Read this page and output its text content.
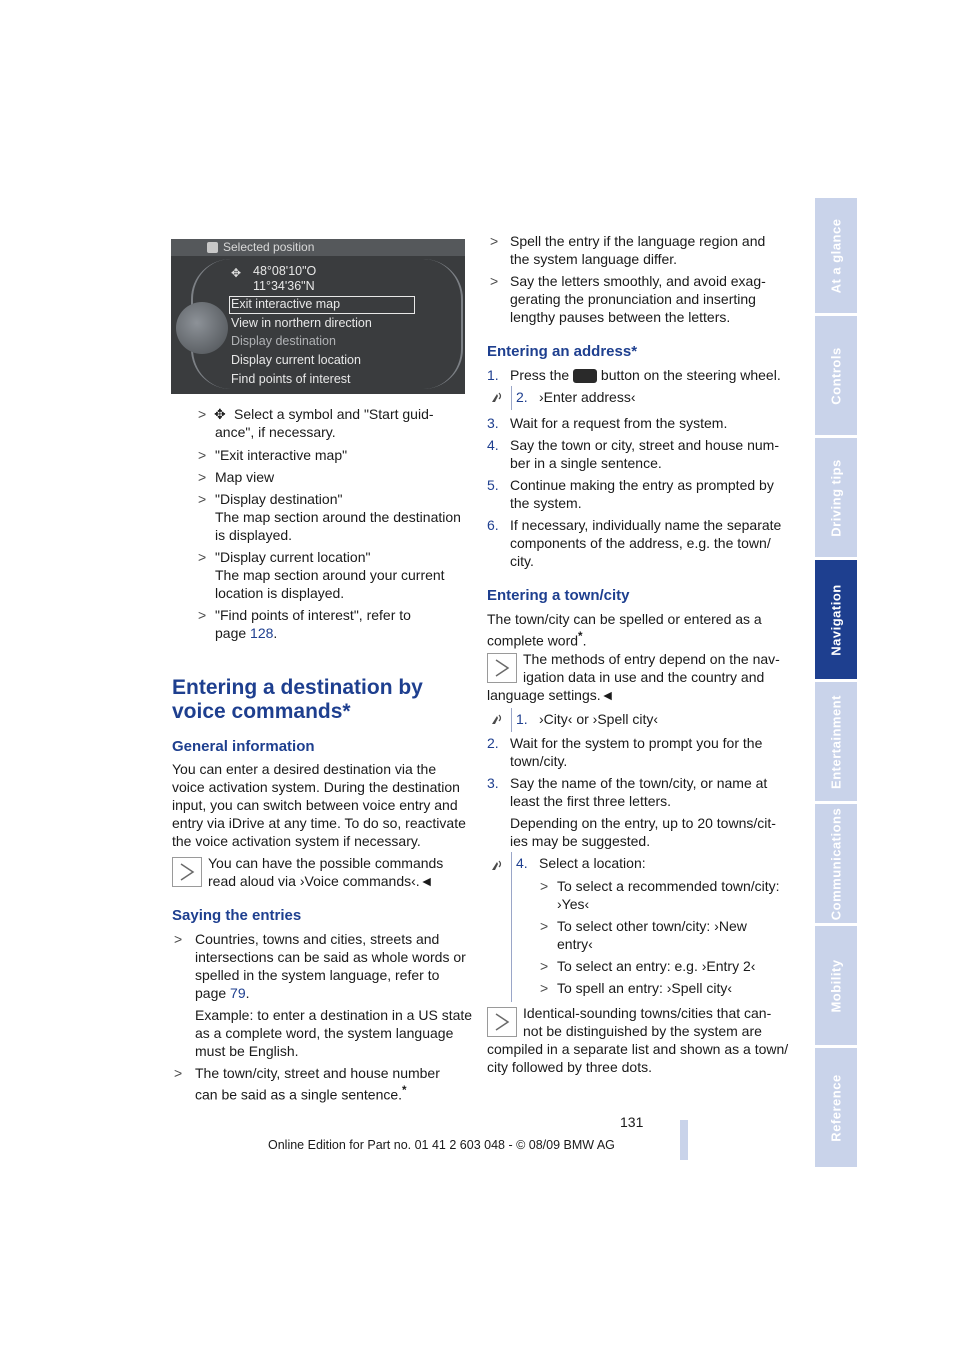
At a glance
Controls
Driving tips
Navigation
Entertainment
Communications
Mobility
Reference
Selected position
✥ 48°08'10"O
11°34'36"N
Exit interactive map
View in northern direction
Display destination
Display current location
Find points of interest
> ✥ Select a symbol and "Start guid-
ance", if necessary.
> "Exit interactive map"
> Map view
> "Display destination"
The map section around the destination
is displayed.
> "Display current location"
The map section around your current
location is displayed.
> "Find points of interest", refer to
page 128.
Entering a destination by
voice commands*
General information
You can enter a desired destination via the
voice activation system. During the destination
input, you can switch between voice entry and
entry via iDrive at any time. To do so, reactivate
the voice activation system if necessary.
You can have the possible commands
read aloud via ›Voice commands‹.◄
Saying the entries
> Countries, towns and cities, streets and
intersections can be said as whole words or
spelled in the system language, refer to
page 79.
Example: to enter a destination in a US state
as a complete word, the system language
must be English.
> The town/city, street and house number
can be said as a single sentence.*
> Spell the entry if the language region and
the system language differ.
> Say the letters smoothly, and avoid exag-
gerating the pronunciation and inserting
lengthy pauses between the letters.
Entering an address*
1. Press the button on the steering wheel.
2. ›Enter address‹
3. Wait for a request from the system.
4. Say the town or city, street and house num-
ber in a single sentence.
5. Continue making the entry as prompted by
the system.
6. If necessary, individually name the separate
components of the address, e.g. the town/
city.
Entering a town/city
The town/city can be spelled or entered as a
complete word*.
The methods of entry depend on the nav-
igation data in use and the country and
language settings.◄
1. ›City‹ or ›Spell city‹
2. Wait for the system to prompt you for the
town/city.
3. Say the name of the town/city, or name at
least the first three letters.
Depending on the entry, up to 20 towns/cit-
ies may be suggested.
4. Select a location:
> To select a recommended town/city:
›Yes‹
> To select other town/city: ›New
entry‹
> To select an entry: e.g. ›Entry 2‹
> To spell an entry: ›Spell city‹
Identical-sounding towns/cities that can-
not be distinguished by the system are
compiled in a separate list and shown as a town/
city followed by three dots.
131
Online Edition for Part no. 01 41 2 603 048 - © 08/09 BMW AG
